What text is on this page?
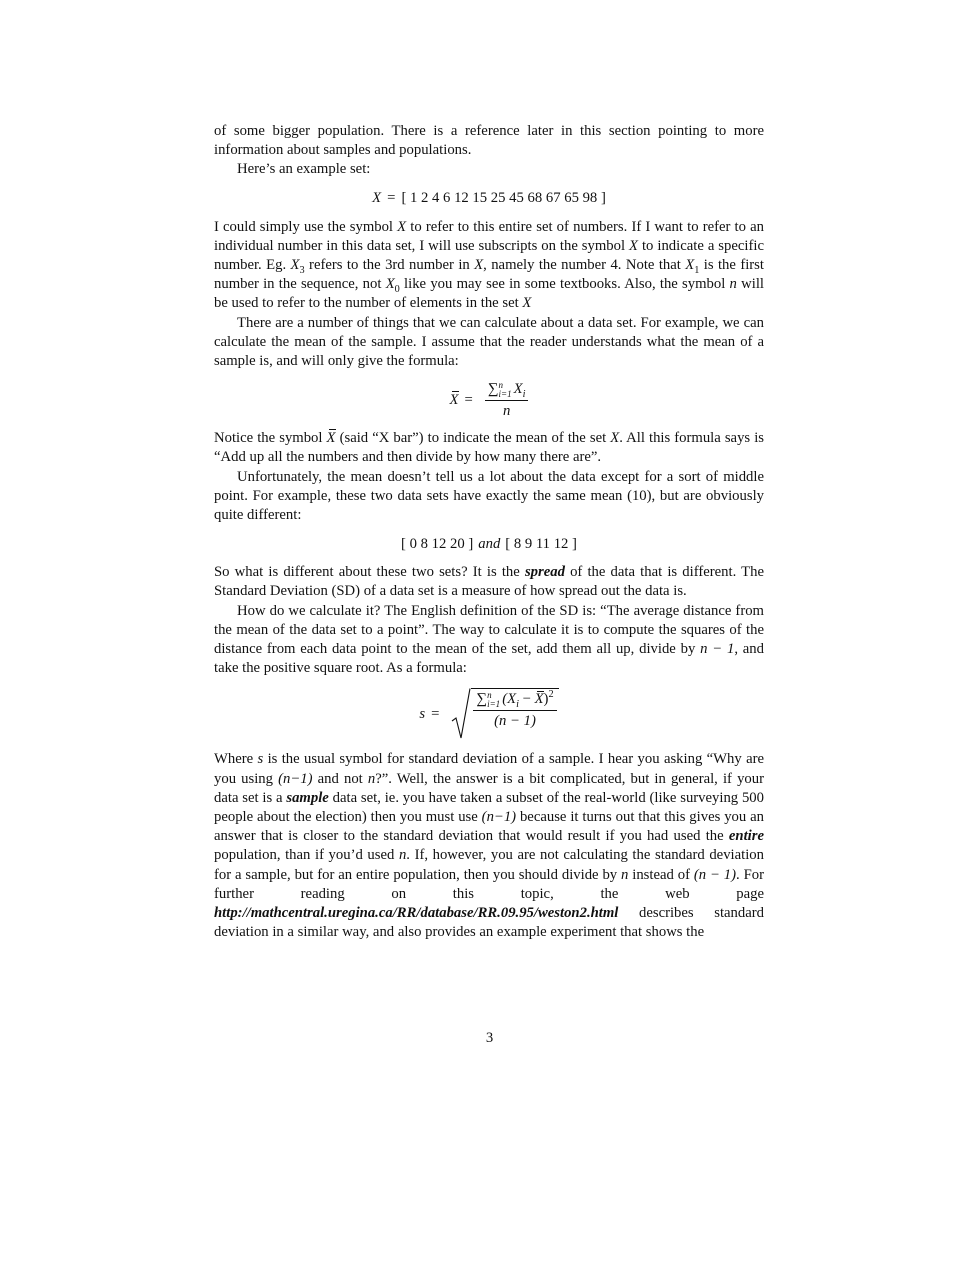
of some bigger population. There is a reference later in this section pointing to more information about samples and populations.

Here’s an example set:

X = [ 1 2 4 6 12 15 25 45 68 67 65 98 ]

I could simply use the symbol X to refer to this entire set of numbers. If I want to refer to an individual number in this data set, I will use subscripts on the symbol X to indicate a specific number. Eg. $X_3$ refers to the 3rd number in X, namely the number 4. Note that $X_1$ is the first number in the sequence, not $X_0$ like you may see in some textbooks. Also, the symbol n will be used to refer to the number of elements in the set X

There are a number of things that we can calculate about a data set. For example, we can calculate the mean of the sample. I assume that the reader understands what the mean of a sample is, and will only give the formula:

X = ∑ n
i=1 $X_i$
n

Notice the symbol X (said “X bar”) to indicate the mean of the set X. All this formula says is “Add up all the numbers and then divide by how many there are”.

Unfortunately, the mean doesn’t tell us a lot about the data except for a sort of middle point. For example, these two data sets have exactly the same mean (10), but are obviously quite different:

[ 0 8 12 20 ] and [ 8 9 11 12 ]

So what is different about these two sets? It is the spread of the data that is different. The Standard Deviation (SD) of a data set is a measure of how spread out the data is.

How do we calculate it? The English definition of the SD is: “The average distance from the mean of the data set to a point”. The way to calculate it is to compute the squares of the distance from each data point to the mean of the set, add them all up, divide by n − 1, and take the positive square root. As a formula:

s = ∑ n
i=1 $(X_i - X)^2$
(n − 1)

Where s is the usual symbol for standard deviation of a sample. I hear you asking “Why are you using (n−1) and not n?”. Well, the answer is a bit complicated, but in general, if your data set is a sample data set, ie. you have taken a subset of the real-world (like surveying 500 people about the election) then you must use (n−1) because it turns out that this gives you an answer that is closer to the standard deviation that would result if you had used the entire population, than if you’d used n. If, however, you are not calculating the standard deviation for a sample, but for an entire population, then you should divide by n instead of (n − 1). For further reading on this topic, the web page http://mathcentral.uregina.ca/RR/database/RR.09.95/weston2.html describes standard deviation in a similar way, and also provides an example experiment that shows the

3
